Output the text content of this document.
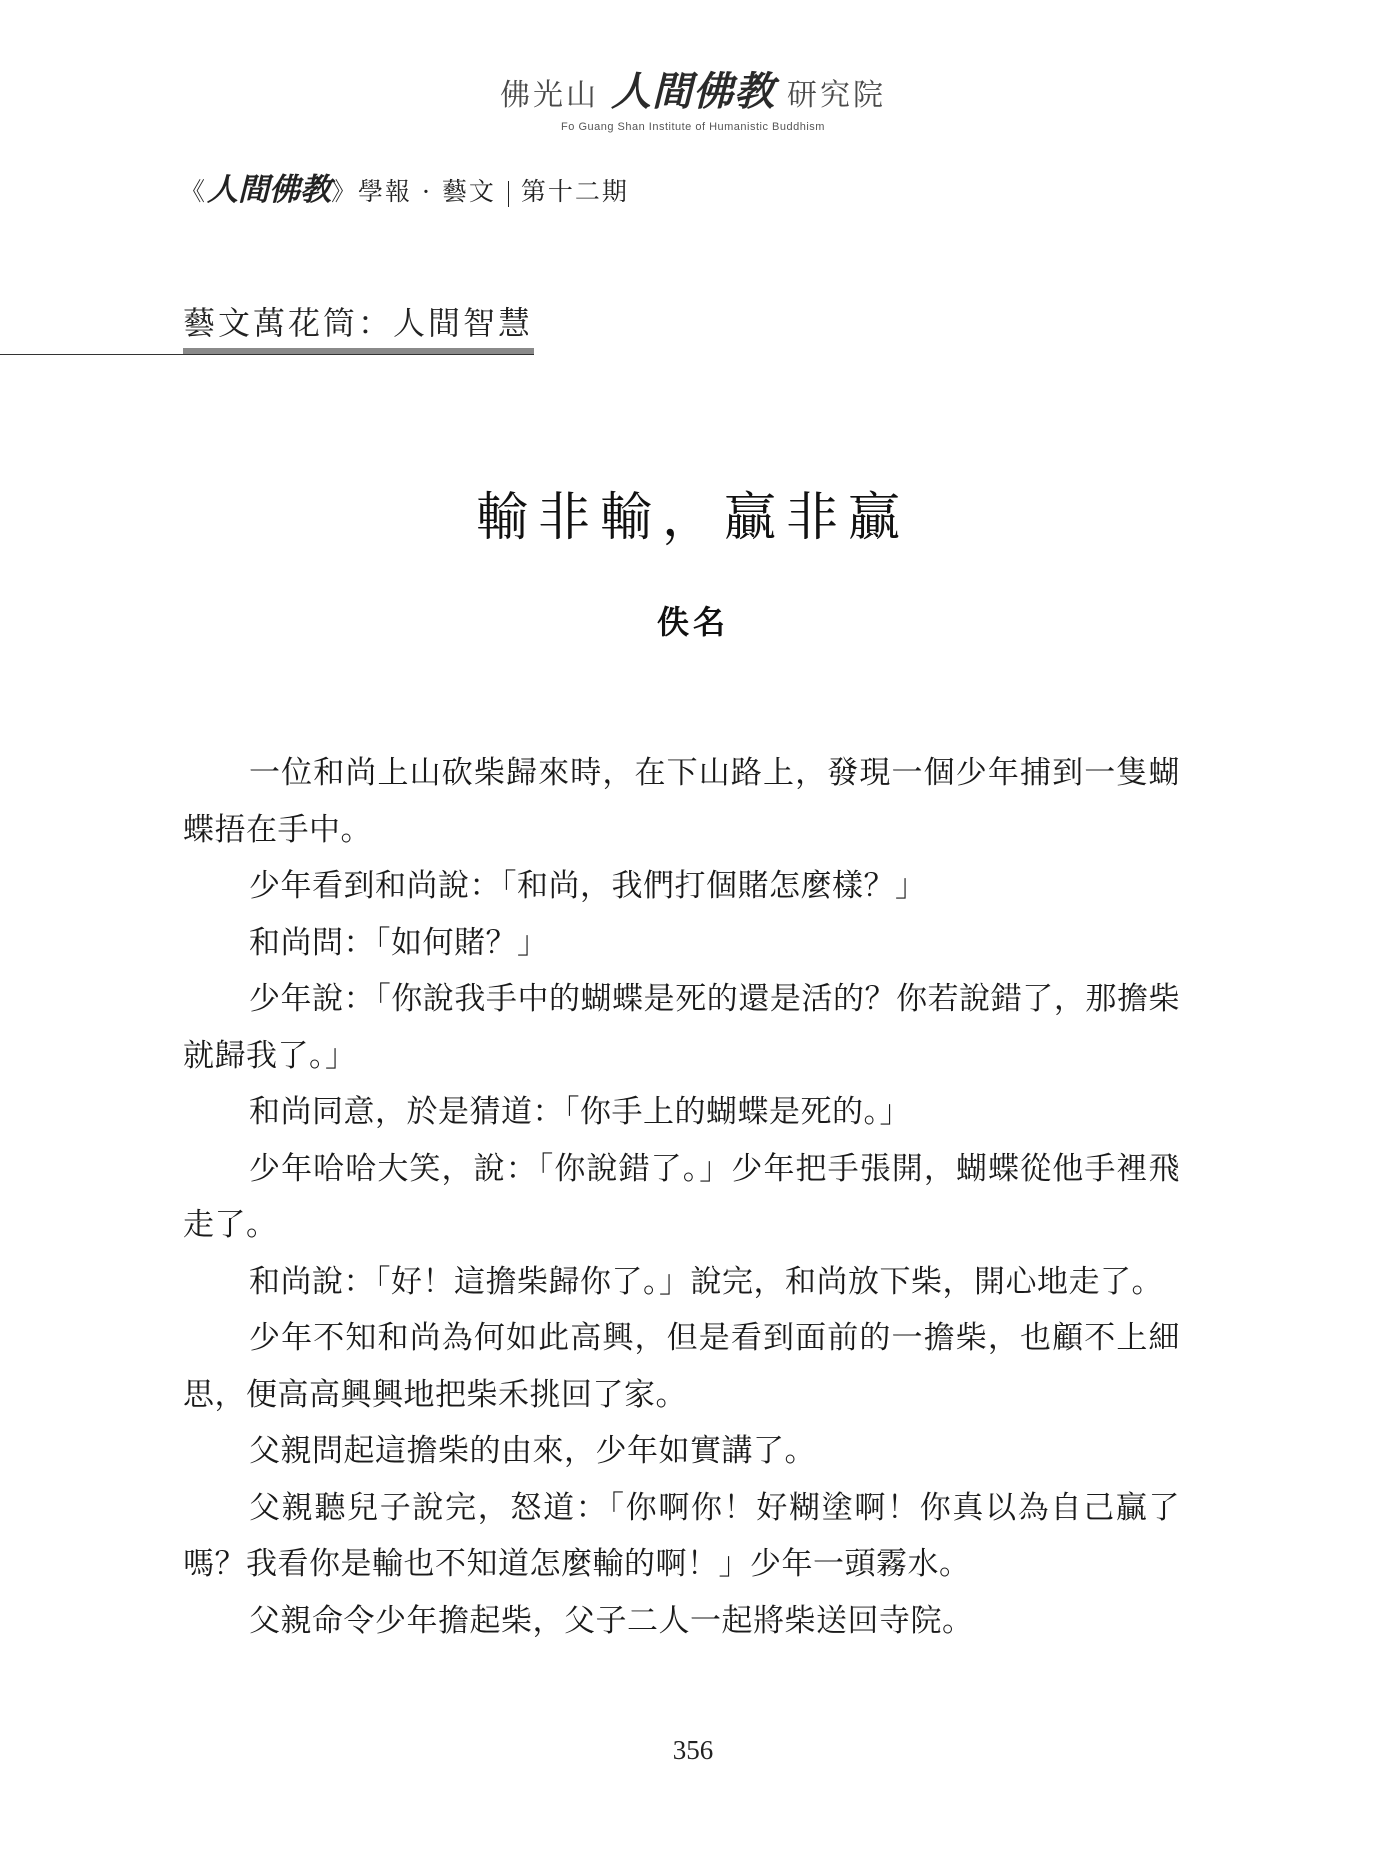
佛光山 人間佛教 研究院
Fo Guang Shan Institute of Humanistic Buddhism
《人間佛教》學報 · 藝文 第十二期
藝文萬花筒：人間智慧
輸非輸，贏非贏
佚名

一位和尚上山砍柴歸來時，在下山路上，發現一個少年捕到一隻蝴蝶捂在手中。

少年看到和尚說：「和尚，我們打個賭怎麼樣？」

和尚問：「如何賭？」

少年說：「你說我手中的蝴蝶是死的還是活的？你若說錯了，那擔柴就歸我了。」

和尚同意，於是猜道：「你手上的蝴蝶是死的。」

少年哈哈大笑，說：「你說錯了。」少年把手張開，蝴蝶從他手裡飛走了。

和尚說：「好！這擔柴歸你了。」說完，和尚放下柴，開心地走了。

少年不知和尚為何如此高興，但是看到面前的一擔柴，也顧不上細思，便高高興興地把柴禾挑回了家。

父親問起這擔柴的由來，少年如實講了。

父親聽兒子說完，怒道：「你啊你！好糊塗啊！你真以為自己贏了嗎？我看你是輸也不知道怎麼輸的啊！」少年一頭霧水。

父親命令少年擔起柴，父子二人一起將柴送回寺院。

356
